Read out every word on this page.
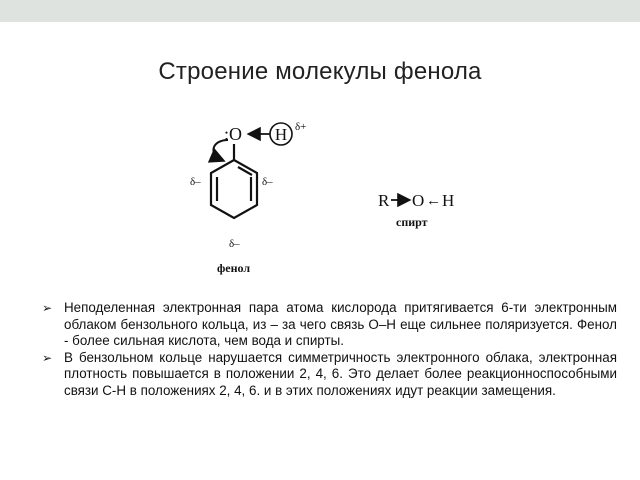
Строение молекулы фенола
:O H δ+
δ–	δ–
δ–
фенол
R O ← H
спирт
➢ Неподеленная электронная пара атома кислорода притягивается 6-ти электронным облаком бензольного кольца, из – за чего связь О–Н еще сильнее поляризуется. Фенол - более сильная кислота, чем вода и спирты.
➢ В бензольном кольце нарушается симметричность электронного облака, электронная плотность повышается в положении 2, 4, 6. Это делает более реакционноспособными связи С-Н в положениях 2, 4, 6. и в этих положениях идут реакции замещения.
